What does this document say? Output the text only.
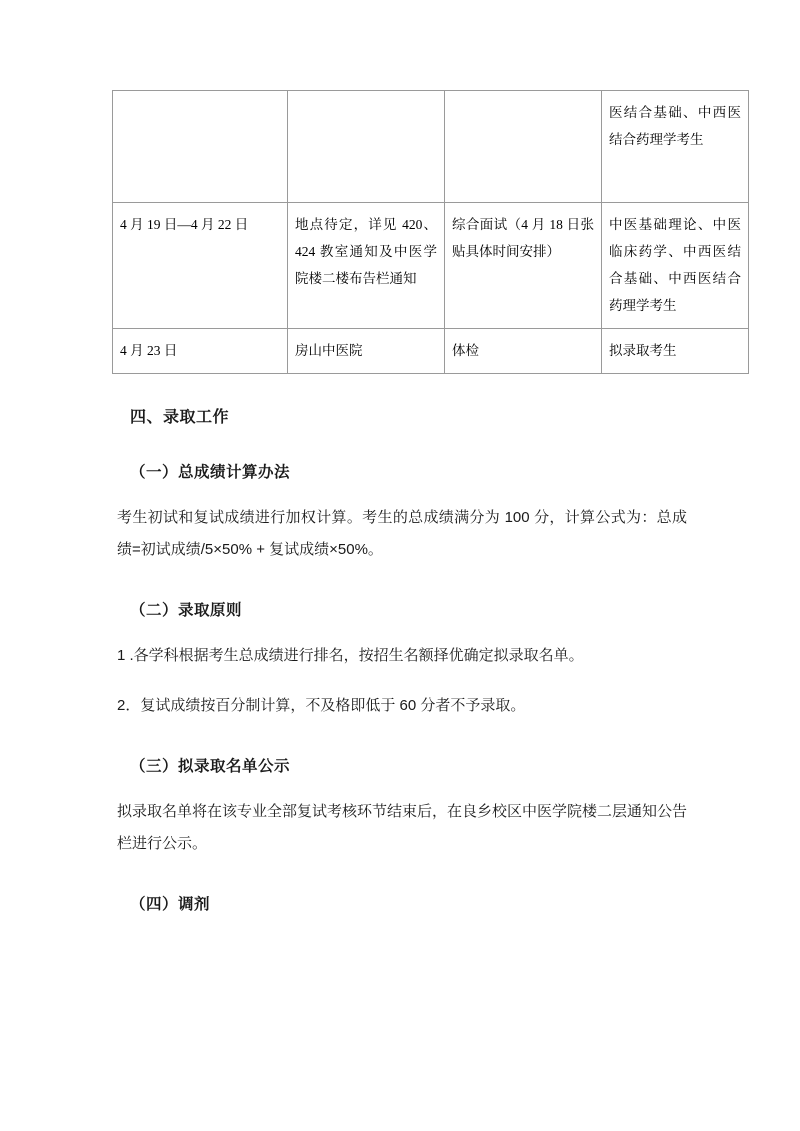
			医结合基础、中西医结合药理学考生
4 月 19 日—4 月 22 日	地点待定，详见 420、424 教室通知及中医学院楼二楼布告栏通知	综合面试（4 月 18 日张贴具体时间安排）	中医基础理论、中医临床药学、中西医结合基础、中西医结合药理学考生
4 月 23 日	房山中医院	体检	拟录取考生
四、录取工作
（一）总成绩计算办法
考生初试和复试成绩进行加权计算。考生的总成绩满分为 100 分，计算公式为：总成绩=初试成绩/5×50% + 复试成绩×50%。
（二）录取原则
1 .各学科根据考生总成绩进行排名，按招生名额择优确定拟录取名单。
2．复试成绩按百分制计算，不及格即低于 60 分者不予录取。
（三）拟录取名单公示
拟录取名单将在该专业全部复试考核环节结束后，在良乡校区中医学院楼二层通知公告栏进行公示。
（四）调剂
